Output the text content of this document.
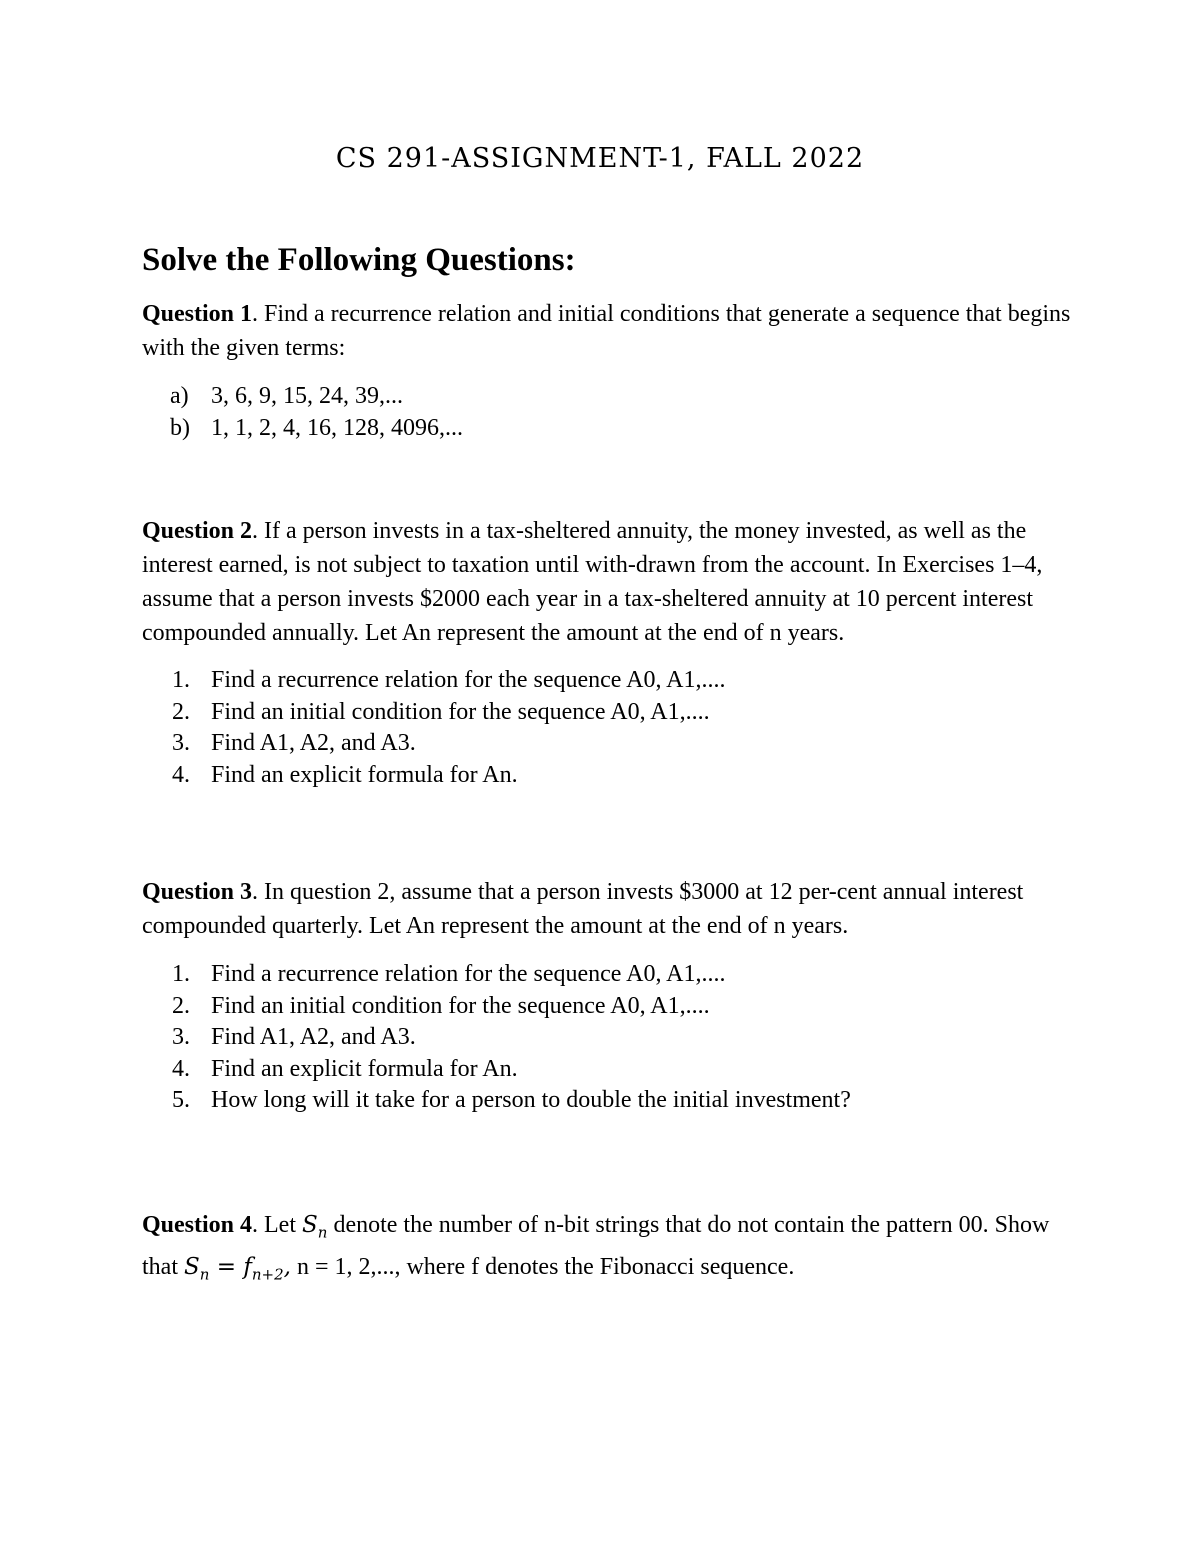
CS 291-ASSIGNMENT-1, FALL 2022
Solve the Following Questions:

Question 1. Find a recurrence relation and initial conditions that generate a sequence that begins with the given terms:

a) 3, 6, 9, 15, 24, 39,...
b) 1, 1, 2, 4, 16, 128, 4096,...

Question 2. If a person invests in a tax-sheltered annuity, the money invested, as well as the interest earned, is not subject to taxation until with-drawn from the account. In Exercises 1–4, assume that a person invests $2000 each year in a tax-sheltered annuity at 10 percent interest compounded annually. Let An represent the amount at the end of n years.

1. Find a recurrence relation for the sequence A0, A1,....
2. Find an initial condition for the sequence A0, A1,....
3. Find A1, A2, and A3.
4. Find an explicit formula for An.

Question 3. In question 2, assume that a person invests $3000 at 12 per-cent annual interest compounded quarterly. Let An represent the amount at the end of n years.

1. Find a recurrence relation for the sequence A0, A1,....
2. Find an initial condition for the sequence A0, A1,....
3. Find A1, A2, and A3.
4. Find an explicit formula for An.
5. How long will it take for a person to double the initial investment?

Question 4. Let $S_n$ denote the number of n-bit strings that do not contain the pattern 00. Show that $S_n = f_{n+2}$, n = 1, 2,..., where f denotes the Fibonacci sequence.
